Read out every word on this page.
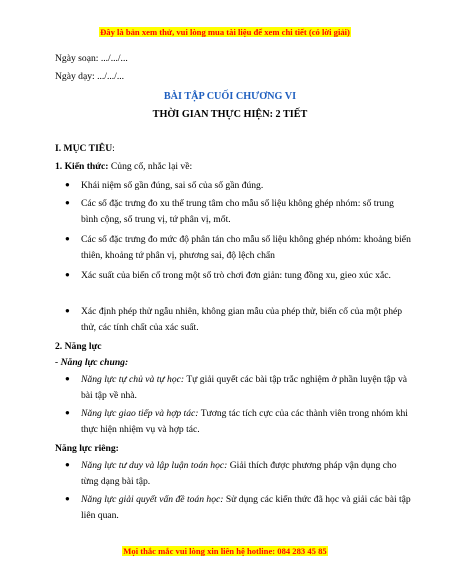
Đây là bản xem thử, vui lòng mua tài liệu để xem chi tiết (có lời giải)
Ngày soạn: .../.../...
Ngày dạy: .../.../...
BÀI TẬP CUỐI CHƯƠNG VI
THỜI GIAN THỰC HIỆN: 2 TIẾT
I. MỤC TIÊU:
1. Kiến thức: Củng cố, nhắc lại về:
● Khái niệm số gần đúng, sai số của số gần đúng.
● Các số đặc trưng đo xu thế trung tâm cho mẫu số liệu không ghép nhóm: số trung bình cộng, số trung vị, tứ phân vị, mốt.
● Các số đặc trưng đo mức độ phân tán cho mẫu số liệu không ghép nhóm: khoảng biến thiên, khoảng tứ phân vị, phương sai, độ lệch chẩn
● Xác suất của biến cố trong một số trò chơi đơn giản: tung đồng xu, gieo xúc xắc.
● Xác định phép thử ngẫu nhiên, không gian mẫu của phép thử, biến cố của một phép thử, các tính chất của xác suất.
2. Năng lực
- Năng lực chung:
● Năng lực tự chủ và tự học: Tự giải quyết các bài tập trắc nghiệm ở phần luyện tập và bài tập về nhà.
● Năng lực giao tiếp và hợp tác: Tương tác tích cực của các thành viên trong nhóm khi thực hiện nhiệm vụ và hợp tác.
Năng lực riêng:
● Năng lực tư duy và lập luận toán học: Giải thích được phương pháp vận dụng cho từng dạng bài tập.
● Năng lực giải quyết vấn đề toán học: Sử dụng các kiến thức đã học và giải các bài tập liên quan.
Mọi thắc mắc vui lòng xin liên hệ hotline: 084 283 45 85
